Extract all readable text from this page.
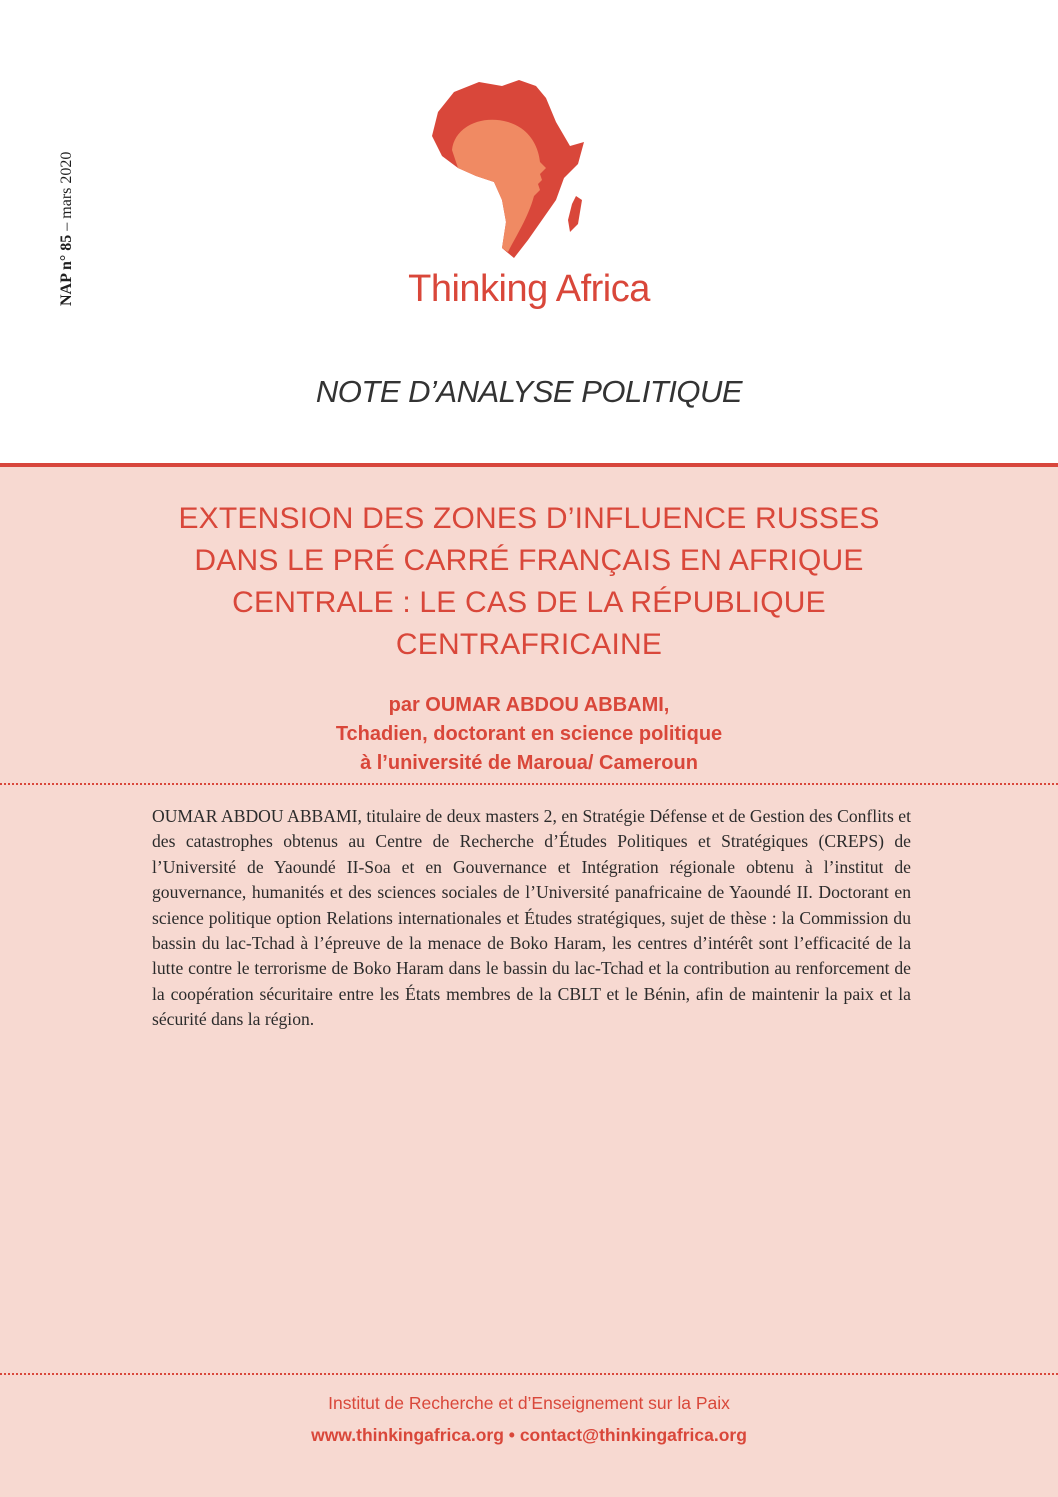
NAP n° 85 – mars 2020
Thinking Africa
NOTE D’ANALYSE POLITIQUE
EXTENSION DES ZONES D’INFLUENCE RUSSES
DANS LE PRÉ CARRÉ FRANÇAIS EN AFRIQUE
CENTRALE : LE CAS DE LA RÉPUBLIQUE
CENTRAFRICAINE
par OUMAR ABDOU ABBAMI,
Tchadien, doctorant en science politique
à l’université de Maroua/ Cameroun
OUMAR ABDOU ABBAMI, titulaire de deux masters 2, en Stratégie Défense et de Gestion des Conflits et des catastrophes obtenus au Centre de Recherche d’Études Politiques et Stratégiques (CREPS) de l’Université de Yaoundé II-Soa et en Gouvernance et Intégration régionale obtenu à l’institut de gouvernance, humanités et des sciences sociales de l’Université panafricaine de Yaoundé II. Doctorant en science politique option Relations internationales et Études stratégiques, sujet de thèse : la Commission du bassin du lac-Tchad à l’épreuve de la menace de Boko Haram, les centres d’intérêt sont l’efficacité de la lutte contre le terrorisme de Boko Haram dans le bassin du lac-Tchad et la contribution au renforcement de la coopération sécuritaire entre les États membres de la CBLT et le Bénin, afin de maintenir la paix et la sécurité dans la région.
Institut de Recherche et d’Enseignement sur la Paix
www.thinkingafrica.org • contact@thinkingafrica.org
